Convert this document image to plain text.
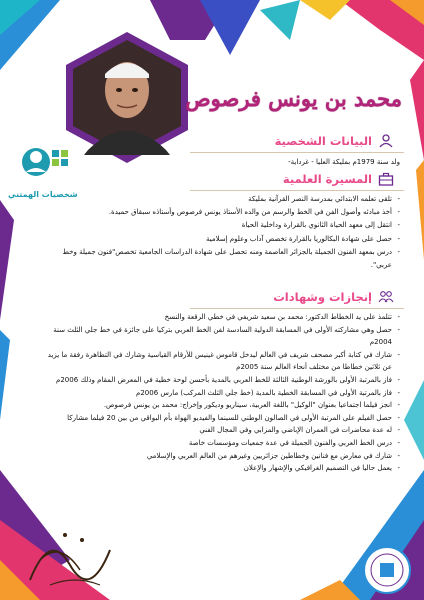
محمد بن يونس فرصوص
شخصيات الهمتني
البيانات الشخصية
ولد سنة 1979م بمليكة العليا - غرداية-
المسيرة العلمية
- تلقى تعلمه الابتدائي بمدرسة النصر القرآنية بمليكة
- أخذ مبادئه وأصول الفن في الخط والرسم من والده الأستاذ يونس فرصوص وأستاذه سبقاق حميدة.
- انتقل إلى معهد الحياة الثانوي بالقرارة وداخلية الحياة
- حصل على شهادة البكالوريا بالقرارة تخصص آداب وعلوم إسلامية
- درس بمعهد الفنون الجميلة بالجزائر العاصمة ومنه تحصل على شهادة الدراسات الجامعية تخصص"فنون جميلة وخط عربي".
إنجازات وشهادات
- تتلمذ على يد الخطاط الدكتور: محمد بن سعيد شريفي في خطي الرقعة والنسخ
- حصل وهي مشاركته الأولى في المسابقة الدولية السادسة لفن الخط العربي بتركيا على جائزة في خط جلي الثلث سنة 2004م
- شارك في كتابة أكبر مصحف شريف في العالم ليدخل قاموس غينيس للأرقام القياسية وشارك في التظاهرة رفقة ما يزيد عن ثلاثين خطاطا من مختلف أنحاء العالم سنة 2005م
- فاز بالمرتبة الأولى بالورشة الوطنية الثالثة للخط العربي بالمدية بأحسن لوحة خطية في المعرض المقام وذلك 2006م
- فاز بالمرتبة الأولى في المسابقة الخطية بالمدية (خط جلي الثلث المركب) مارس 2006م
- انجز فيلما اجتماعيا بعنوان "الوكيل" باللغة العربية، سيناريو وديكور وإخراج: محمد بن يونس فرصوص.
- حصل الفيلم على المرتبة الأولى في الصالون الوطني للسينما والفيديو الهواة بأم البواقي من بين 20 فيلما مشاركا
- له عدة محاضرات في العمران الإباضي والمزابي وفي المجال الفني
- درس الخط العربي والفنون الجميلة في عدة جمعيات ومؤسسات خاصة
- شارك في معارض مع فنانين وخطاطين جزائريين وغيرهم من العالم العربي والإسلامي
- يعمل حاليا في التصميم الغرافيكي والإشهار والإعلان
